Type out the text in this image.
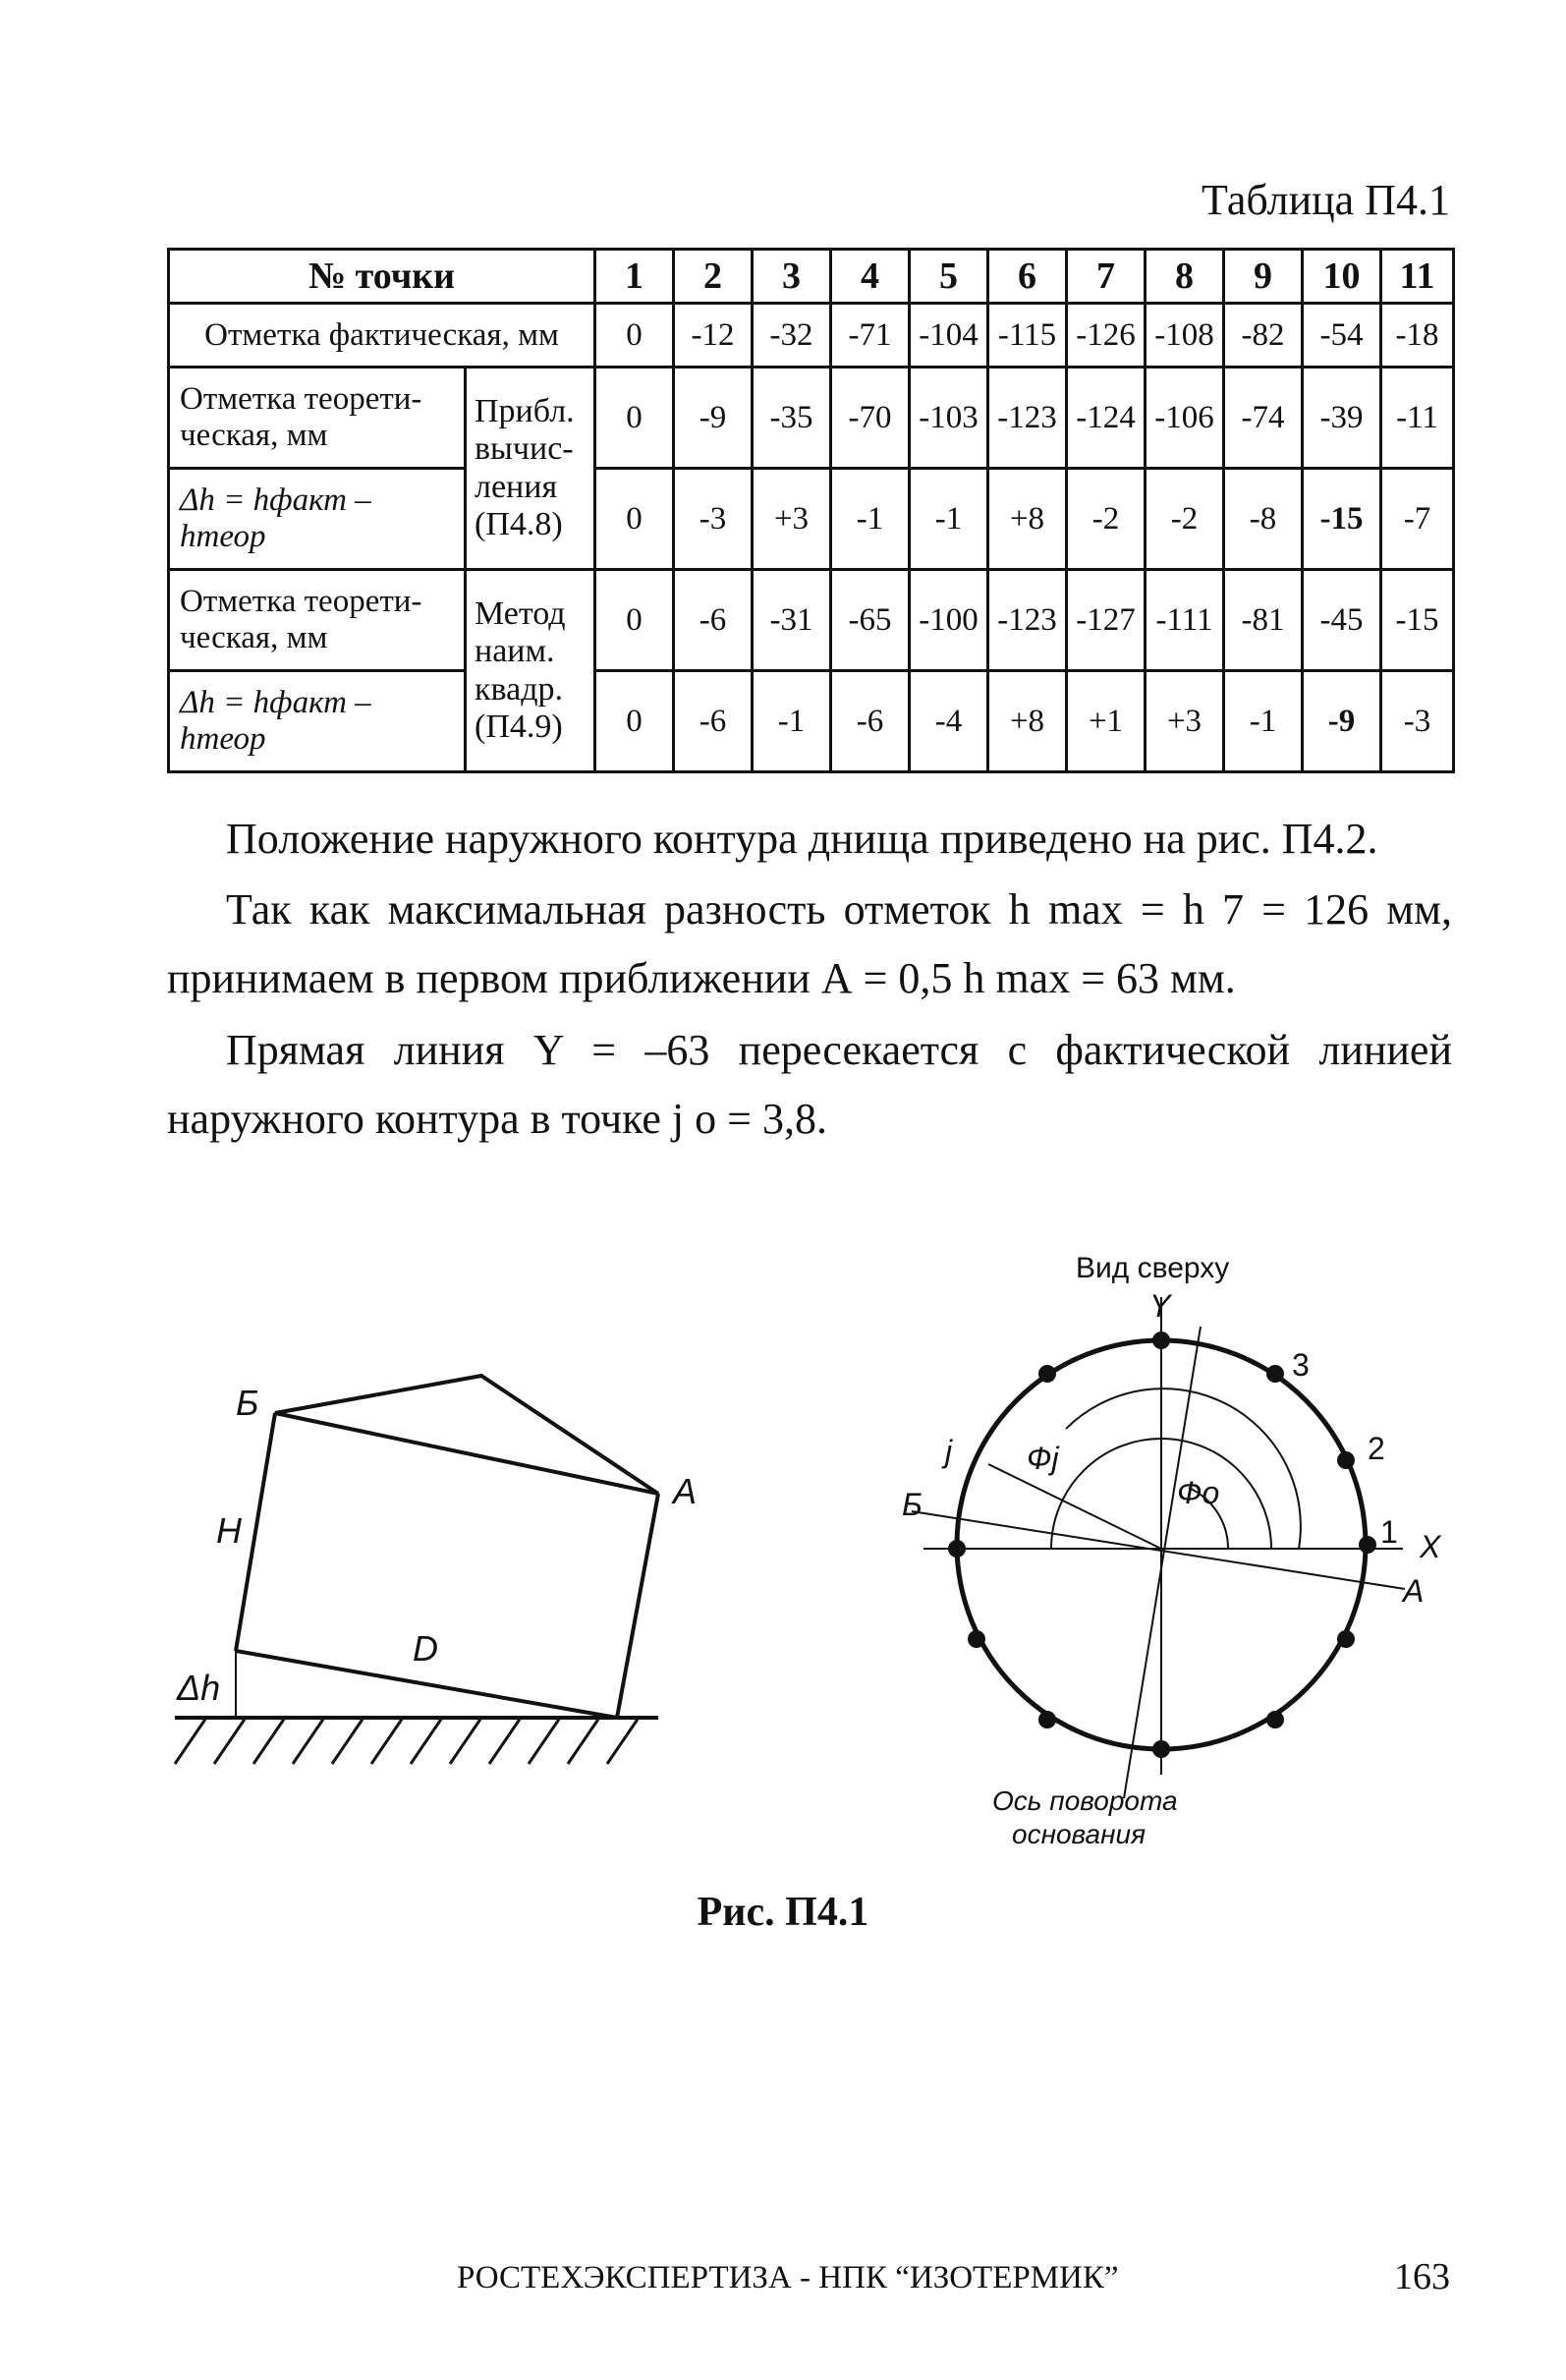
Таблица П4.1
№ точки		1	2	3	4	5	6	7	8	9	10	11
Отметка фактическая, мм		0	-12	-32	-71	-104	-115	-126	-108	-82	-54	-18
Отметка теорети-ческая, мм	Прибл. вычис-ления (П4.8)	0	-9	-35	-70	-103	-123	-124	-106	-74	-39	-11
Δh = hфакт – hтеор		0	-3	+3	-1	-1	+8	-2	-2	-8	-15	-7
Отметка теорети-ческая, мм	Метод наим. квадр. (П4.9)	0	-6	-31	-65	-100	-123	-127	-111	-81	-45	-15
Δh = hфакт – hтеор		0	-6	-1	-6	-4	+8	+1	+3	-1	-9	-3
Положение наружного контура днища приведено на рис. П4.2.
Так как максимальная разность отметок h max = h 7 = 126 мм,
принимаем в первом приближении А = 0,5 h max = 63 мм.
Прямая линия Y = –63 пересекается с фактической линией
наружного контура в точке j o = 3,8.
Б
А
Н
D
Δh
Вид сверху
Y
X
А
Б
j Фj
Фо
1
2
3
Ось поворота
основания
Рис. П4.1
РОСТЕХЭКСПЕРТИЗА - НПК “ИЗОТЕРМИК”	163
